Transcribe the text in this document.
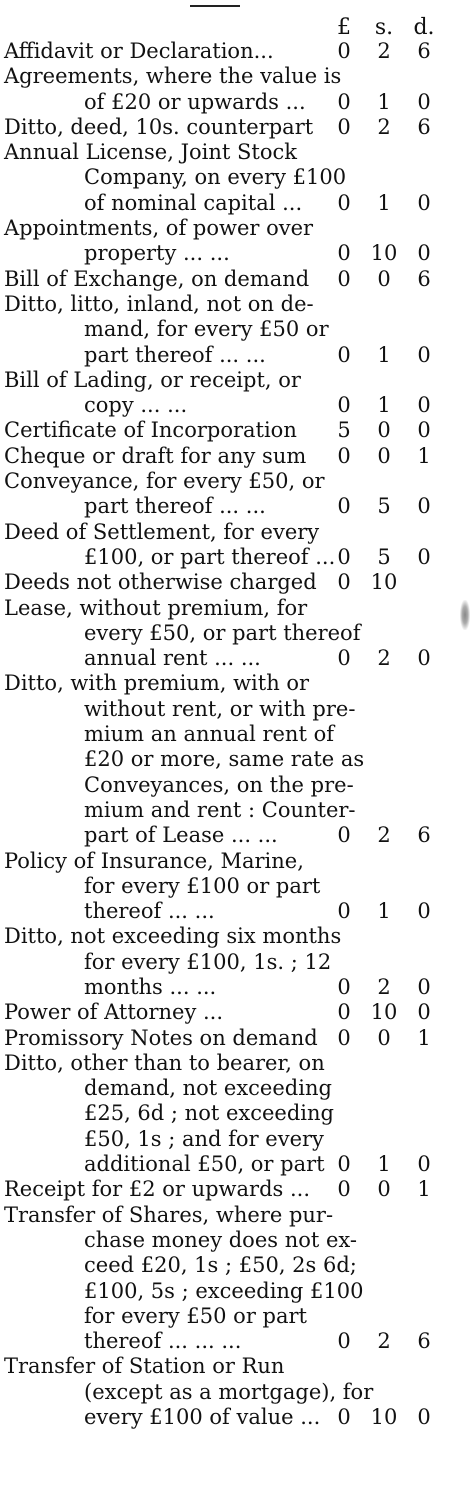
£	s. d.
Affidavit or Declaration...	0	2	6
Agreements, where the value is
of £20 or upwards ...	0	1	0
Ditto, deed, 10s. counterpart	0	2	6
Annual License, Joint Stock
Company, on every £100
of nominal capital ...	0	1	0
Appointments, of power over
property ... ...	0 10 0
Bill of Exchange, on demand	0	0	6
Ditto, litto, inland, not on de-
mand, for every £50 or
part thereof ... ...	0	1	0
Bill of Lading, or receipt, or
copy ... ...	0	1	0
Certificate of Incorporation	5	0	0
Cheque or draft for any sum	0	0	1
Conveyance, for every £50, or
part thereof ... ...	0	5	0
Deed of Settlement, for every
£100, or part thereof ... 0	5	0
Deeds not otherwise charged 0 10
Lease, without premium, for
every £50, or part thereof
annual rent ... ...	0	2	0
Ditto, with premium, with or
without rent, or with pre-
mium an annual rent of
£20 or more, same rate as
Conveyances, on the pre-
mium and rent : Counter-
part of Lease ... ...	0	2	6
Policy of Insurance, Marine,
for every £100 or part
thereof ... ...	0	1	0
Ditto, not exceeding six months
for every £100, 1s. ; 12
months ... ...	0	2	0
Power of Attorney ...	0 10 0
Promissory Notes on demand 0	0	1
Ditto, other than to bearer, on
demand, not exceeding
£25, 6d ; not exceeding
£50, 1s ; and for every
additional £50, or part 0	1	0
Receipt for £2 or upwards ...	0	0	1
Transfer of Shares, where pur-
chase money does not ex-
ceed £20, 1s ; £50, 2s 6d;
£100, 5s ; exceeding £100
for every £50 or part
thereof ... ... ...	0	2	6
Transfer of Station or Run
(except as a mortgage), for
every £100 of value ... 0 10 0
